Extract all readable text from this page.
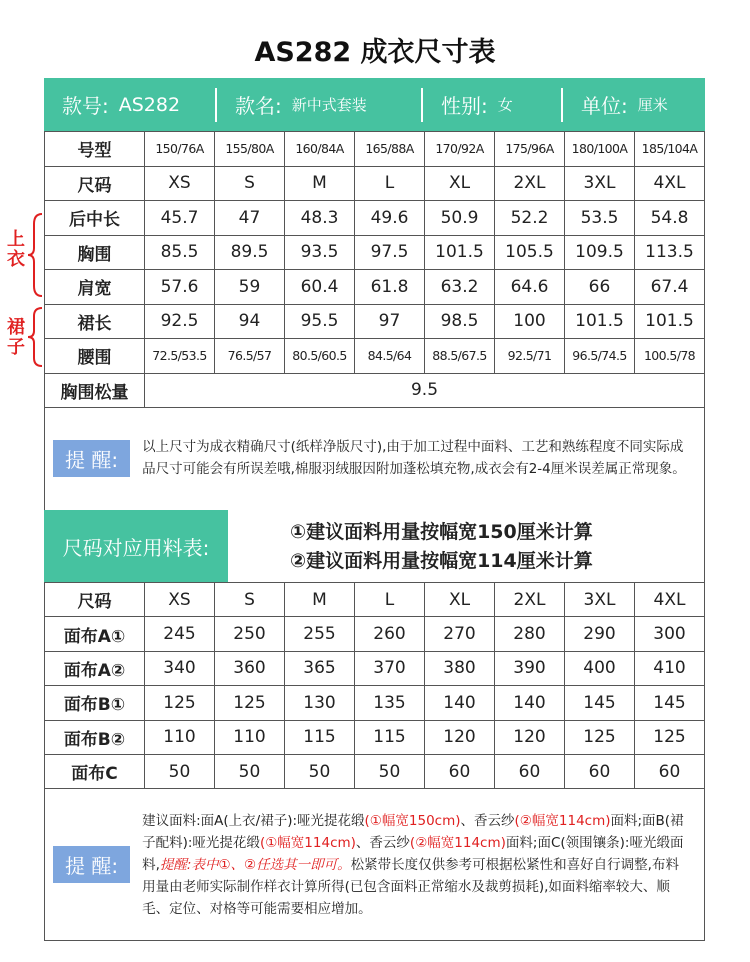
AS282 成衣尺寸表
款号: AS282	款名: 新中式套装	性别: 女	单位: 厘米
号型	150/76A	155/80A	160/84A	165/88A	170/92A	175/96A	180/100A	185/104A
尺码	XS	S	M	L	XL	2XL	3XL	4XL
后中长	45.7	47	48.3	49.6	50.9	52.2	53.5	54.8
胸围	85.5	89.5	93.5	97.5	101.5	105.5	109.5	113.5
肩宽	57.6	59	60.4	61.8	63.2	64.6	66	67.4
裙长	92.5	94	95.5	97	98.5	100	101.5	101.5
腰围	72.5/53.5	76.5/57	80.5/60.5	84.5/64	88.5/67.5	92.5/71	96.5/74.5	100.5/78
胸围松量	9.5							
上衣
裙子
提 醒:
以上尺寸为成衣精确尺寸(纸样净版尺寸),由于加工过程中面料、工艺和熟练程度不同实际成品尺寸可能会有所误差哦,棉服羽绒服因附加蓬松填充物,成衣会有2-4厘米误差属正常现象。
尺码对应用料表:
①建议面料用量按幅宽150厘米计算
②建议面料用量按幅宽114厘米计算
尺码	XS	S	M	L	XL	2XL	3XL	4XL
面布A①	245	250	255	260	270	280	290	300
面布A②	340	360	365	370	380	390	400	410
面布B①	125	125	130	135	140	140	145	145
面布B②	110	110	115	115	120	120	125	125
面布C	50	50	50	50	60	60	60	60
提 醒:
建议面料:面A(上衣/裙子):哑光提花缎(①幅宽150cm)、香云纱(②幅宽114cm)面料;面B(裙子配料):哑光提花缎(①幅宽114cm)、香云纱(②幅宽114cm)面料;面C(领围镶条):哑光缎面料,提醒:表中①、②任选其一即可。松紧带长度仅供参考可根据松紧性和喜好自行调整,布料用量由老师实际制作样衣计算所得(已包含面料正常缩水及裁剪损耗),如面料缩率较大、顺毛、定位、对格等可能需要相应增加。
